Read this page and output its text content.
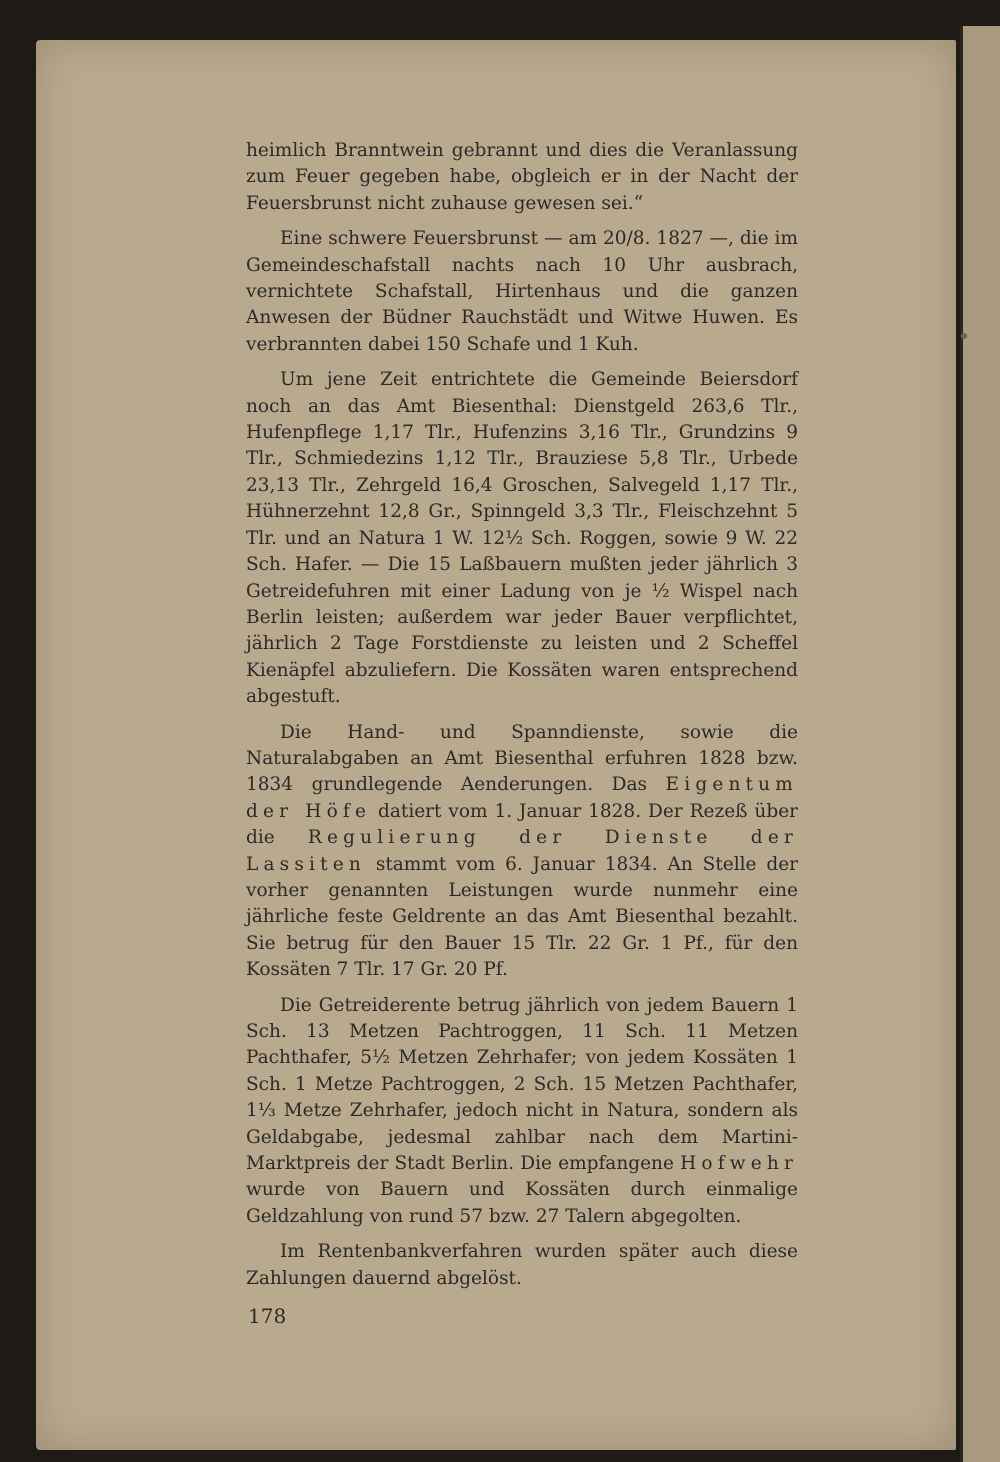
heimlich Branntwein gebrannt und dies die Veranlassung zum Feuer gegeben habe, obgleich er in der Nacht der Feuersbrunst nicht zuhause gewesen sei.“

Eine schwere Feuersbrunst — am 20/8. 1827 —, die im Gemeindeschafstall nachts nach 10 Uhr ausbrach, vernichtete Schafstall, Hirtenhaus und die ganzen Anwesen der Büdner Rauchstädt und Witwe Huwen. Es verbrannten dabei 150 Schafe und 1 Kuh.

Um jene Zeit entrichtete die Gemeinde Beiersdorf noch an das Amt Biesenthal: Dienstgeld 263,6 Tlr., Hufenpflege 1,17 Tlr., Hufenzins 3,16 Tlr., Grundzins 9 Tlr., Schmiedezins 1,12 Tlr., Brauziese 5,8 Tlr., Urbede 23,13 Tlr., Zehrgeld 16,4 Groschen, Salvegeld 1,17 Tlr., Hühnerzehnt 12,8 Gr., Spinngeld 3,3 Tlr., Fleischzehnt 5 Tlr. und an Natura 1 W. 12½ Sch. Roggen, sowie 9 W. 22 Sch. Hafer. — Die 15 Laßbauern mußten jeder jährlich 3 Getreidefuhren mit einer Ladung von je ½ Wispel nach Berlin leisten; außerdem war jeder Bauer verpflichtet, jährlich 2 Tage Forstdienste zu leisten und 2 Scheffel Kienäpfel abzuliefern. Die Kossäten waren entsprechend abgestuft.

Die Hand- und Spanndienste, sowie die Naturalabgaben an Amt Biesenthal erfuhren 1828 bzw. 1834 grundlegende Aenderungen. Das Eigentum der Höfe datiert vom 1. Januar 1828. Der Rezeß über die Regulierung der Dienste der Lassiten stammt vom 6. Januar 1834. An Stelle der vorher genannten Leistungen wurde nunmehr eine jährliche feste Geldrente an das Amt Biesenthal bezahlt. Sie betrug für den Bauer 15 Tlr. 22 Gr. 1 Pf., für den Kossäten 7 Tlr. 17 Gr. 20 Pf.

Die Getreiderente betrug jährlich von jedem Bauern 1 Sch. 13 Metzen Pachtroggen, 11 Sch. 11 Metzen Pachthafer, 5½ Metzen Zehrhafer; von jedem Kossäten 1 Sch. 1 Metze Pachtroggen, 2 Sch. 15 Metzen Pachthafer, 1⅓ Metze Zehrhafer, jedoch nicht in Natura, sondern als Geldabgabe, jedesmal zahlbar nach dem Martini-Marktpreis der Stadt Berlin. Die empfangene Hofwehr wurde von Bauern und Kossäten durch einmalige Geldzahlung von rund 57 bzw. 27 Talern abgegolten.

Im Rentenbankverfahren wurden später auch diese Zahlungen dauernd abgelöst.

178
